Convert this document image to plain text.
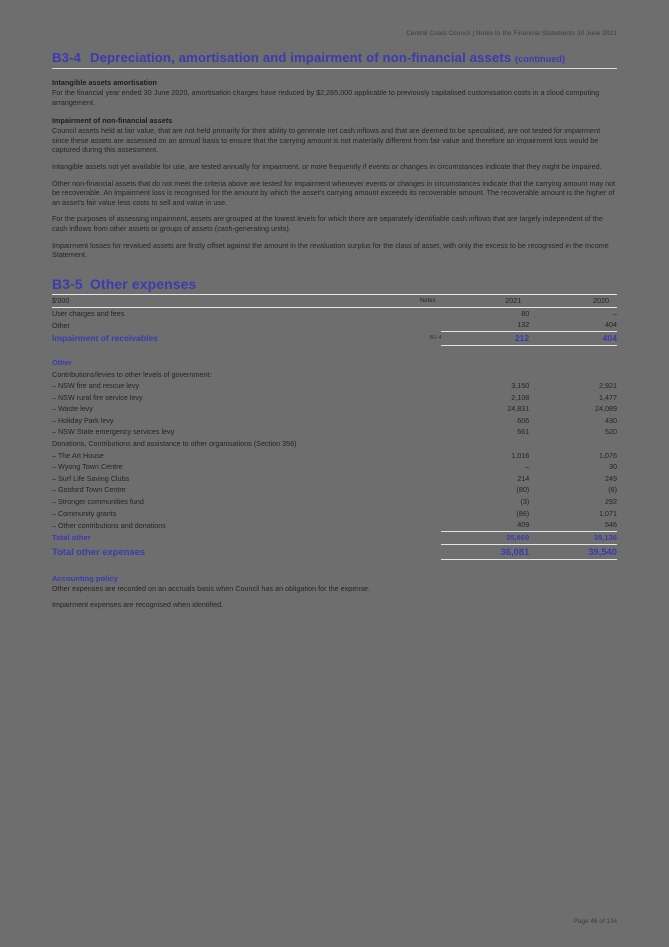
Central Coast Council | Notes to the Financial Statements 30 June 2021
B3-4 Depreciation, amortisation and impairment of non-financial assets (continued)
Intangible assets amortisation

For the financial year ended 30 June 2020, amortisation charges have reduced by $2,265,000 applicable to previously capitalised customisation costs in a cloud computing arrangement.

Impairment of non-financial assets

Council assets held at fair value, that are not held primarily for their ability to generate net cash inflows and that are deemed to be specialised, are not tested for impairment since these assets are assessed on an annual basis to ensure that the carrying amount is not materially different from fair value and therefore an impairment loss would be captured during this assessment.

Intangible assets not yet available for use, are tested annually for impairment, or more frequently if events or changes in circumstances indicate that they might be impaired.

Other non-financial assets that do not meet the criteria above are tested for impairment whenever events or changes in circumstances indicate that the carrying amount may not be recoverable. An impairment loss is recognised for the amount by which the asset's carrying amount exceeds its recoverable amount. The recoverable amount is the higher of an asset's fair value less costs to sell and value in use.

For the purposes of assessing impairment, assets are grouped at the lowest levels for which there are separately identifiable cash inflows that are largely independent of the cash inflows from other assets or groups of assets (cash-generating units).

Impairment losses for revalued assets are firstly offset against the amount in the revaluation surplus for the class of asset, with only the excess to be recognised in the Income Statement.

B3-5 Other expenses
$'000	Notes	2021	2020
User charges and fees		80	–
Other		132	404
Impairment of receivables	B1-4	212	404

Other			
Contributions/levies to other levels of government:			
– NSW fire and rescue levy		3,150	2,921
– NSW rural fire service levy		2,108	1,477
– Waste levy		24,831	24,089
– Holiday Park levy		606	430
– NSW State emergency services levy		661	520
Donations, Contributions and assistance to other organisations (Section 356)			
– The Art House		1,016	1,076
– Wyong Town Centre		–	30
– Surf Life Saving Clubs		214	249
– Gosford Town Centre		(80)	(6)
– Stronger communities fund		(3)	292
– Community grants		(86)	1,071
– Other contributions and donations		409	546
Total other		35,869	39,136
Total other expenses		36,081	39,540
Accounting policy

Other expenses are recorded on an accruals basis when Council has an obligation for the expense.

Impairment expenses are recognised when identified.

Page 46 of 134
